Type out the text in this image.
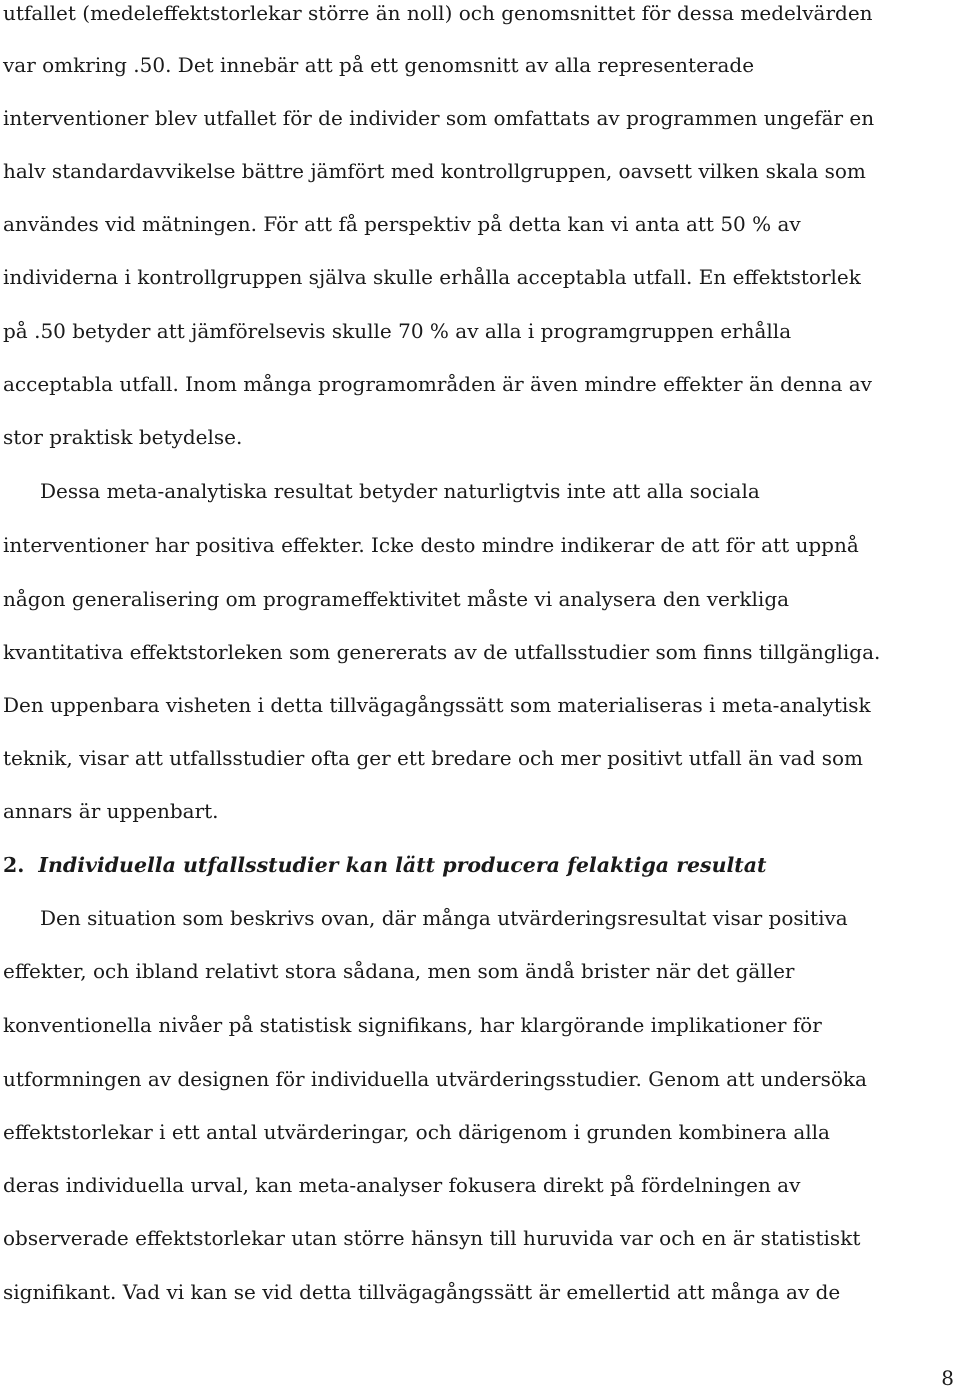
utfallet (medeleffektstorlekar större än noll) och genomsnittet för dessa medelvärden
var omkring .50. Det innebär att på ett genomsnitt av alla representerade
interventioner blev utfallet för de individer som omfattats av programmen ungefär en
halv standardavvikelse bättre jämfört med kontrollgruppen, oavsett vilken skala som
användes vid mätningen. För att få perspektiv på detta kan vi anta att 50 % av
individerna i kontrollgruppen själva skulle erhålla acceptabla utfall. En effektstorlek
på .50 betyder att jämförelsevis skulle 70 % av alla i programgruppen erhålla
acceptabla utfall. Inom många programområden är även mindre effekter än denna av
stor praktisk betydelse.
Dessa meta-analytiska resultat betyder naturligtvis inte att alla sociala
interventioner har positiva effekter. Icke desto mindre indikerar de att för att uppnå
någon generalisering om programeffektivitet måste vi analysera den verkliga
kvantitativa effektstorleken som genererats av de utfallsstudier som finns tillgängliga.
Den uppenbara visheten i detta tillvägagångssätt som materialiseras i meta-analytisk
teknik, visar att utfallsstudier ofta ger ett bredare och mer positivt utfall än vad som
annars är uppenbart.
2. Individuella utfallsstudier kan lätt producera felaktiga resultat
Den situation som beskrivs ovan, där många utvärderingsresultat visar positiva
effekter, och ibland relativt stora sådana, men som ändå brister när det gäller
konventionella nivåer på statistisk signifikans, har klargörande implikationer för
utformningen av designen för individuella utvärderingsstudier. Genom att undersöka
effektstorlekar i ett antal utvärderingar, och därigenom i grunden kombinera alla
deras individuella urval, kan meta-analyser fokusera direkt på fördelningen av
observerade effektstorlekar utan större hänsyn till huruvida var och en är statistiskt
signifikant. Vad vi kan se vid detta tillvägagångssätt är emellertid att många av de
8
